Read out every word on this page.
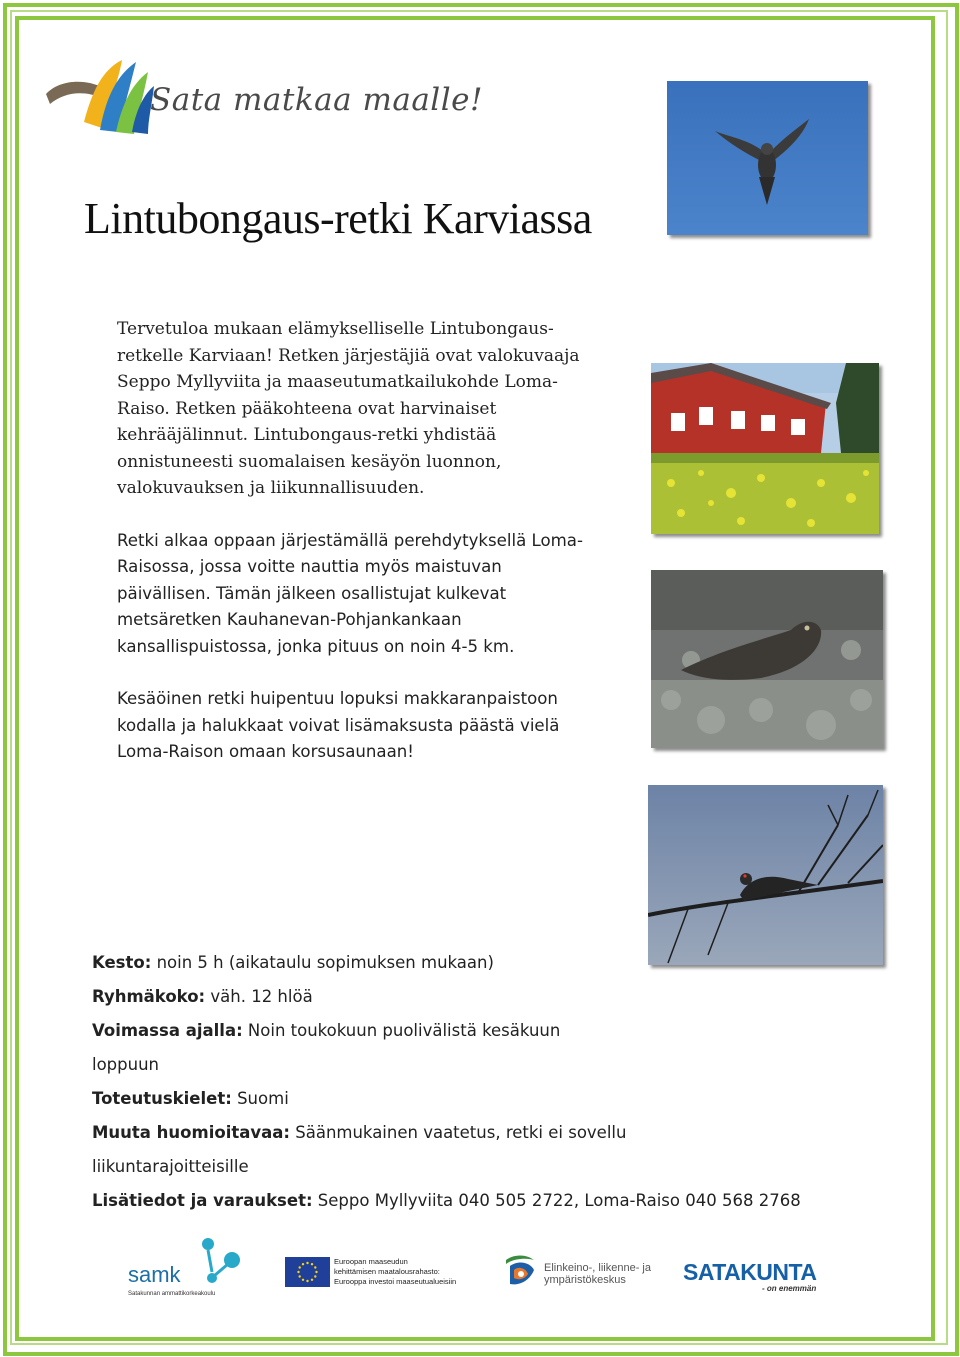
Sata matkaa maalle!
Lintubongaus-retki Karviassa

Tervetuloa mukaan elämykselliselle Lintubongaus-retkelle Karviaan! Retken järjestäjiä ovat valokuvaaja Seppo Myllyviita ja maaseutumatkailukohde Loma-Raiso. Retken pääkohteena ovat harvinaiset kehrääjälinnut. Lintubongaus-retki yhdistää onnistuneesti suomalaisen kesäyön luonnon, valokuvauksen ja liikunnallisuuden.

Retki alkaa oppaan järjestämällä perehdytyksellä Loma-Raisossa, jossa voitte nauttia myös maistuvan päivällisen. Tämän jälkeen osallistujat kulkevat metsäretken Kauhanevan-Pohjankankaan kansallispuistossa, jonka pituus on noin 4-5 km.

Kesäöinen retki huipentuu lopuksi makkaranpaistoon kodalla ja halukkaat voivat lisämaksusta päästä vielä Loma-Raison omaan korsusaunaan!

Kesto: noin 5 h (aikataulu sopimuksen mukaan)
Ryhmäkoko: väh. 12 hlöä
Voimassa ajalla: Noin toukokuun puolivälistä kesäkuun
loppuun
Toteutuskielet: Suomi
Muuta huomioitavaa: Säänmukainen vaatetus, retki ei sovellu
liikuntarajoitteisille
Lisätiedot ja varaukset: Seppo Myllyviita 040 505 2722, Loma-Raiso 040 568 2768
samk
Satakunnan ammattikorkeakoulu
Euroopan maaseudun
kehittämisen maatalousrahasto:
Eurooppa investoi maaseutualueisiin
Elinkeino-, liikenne- ja
ympäristökeskus	SATAKUNTA
- on enemmän
